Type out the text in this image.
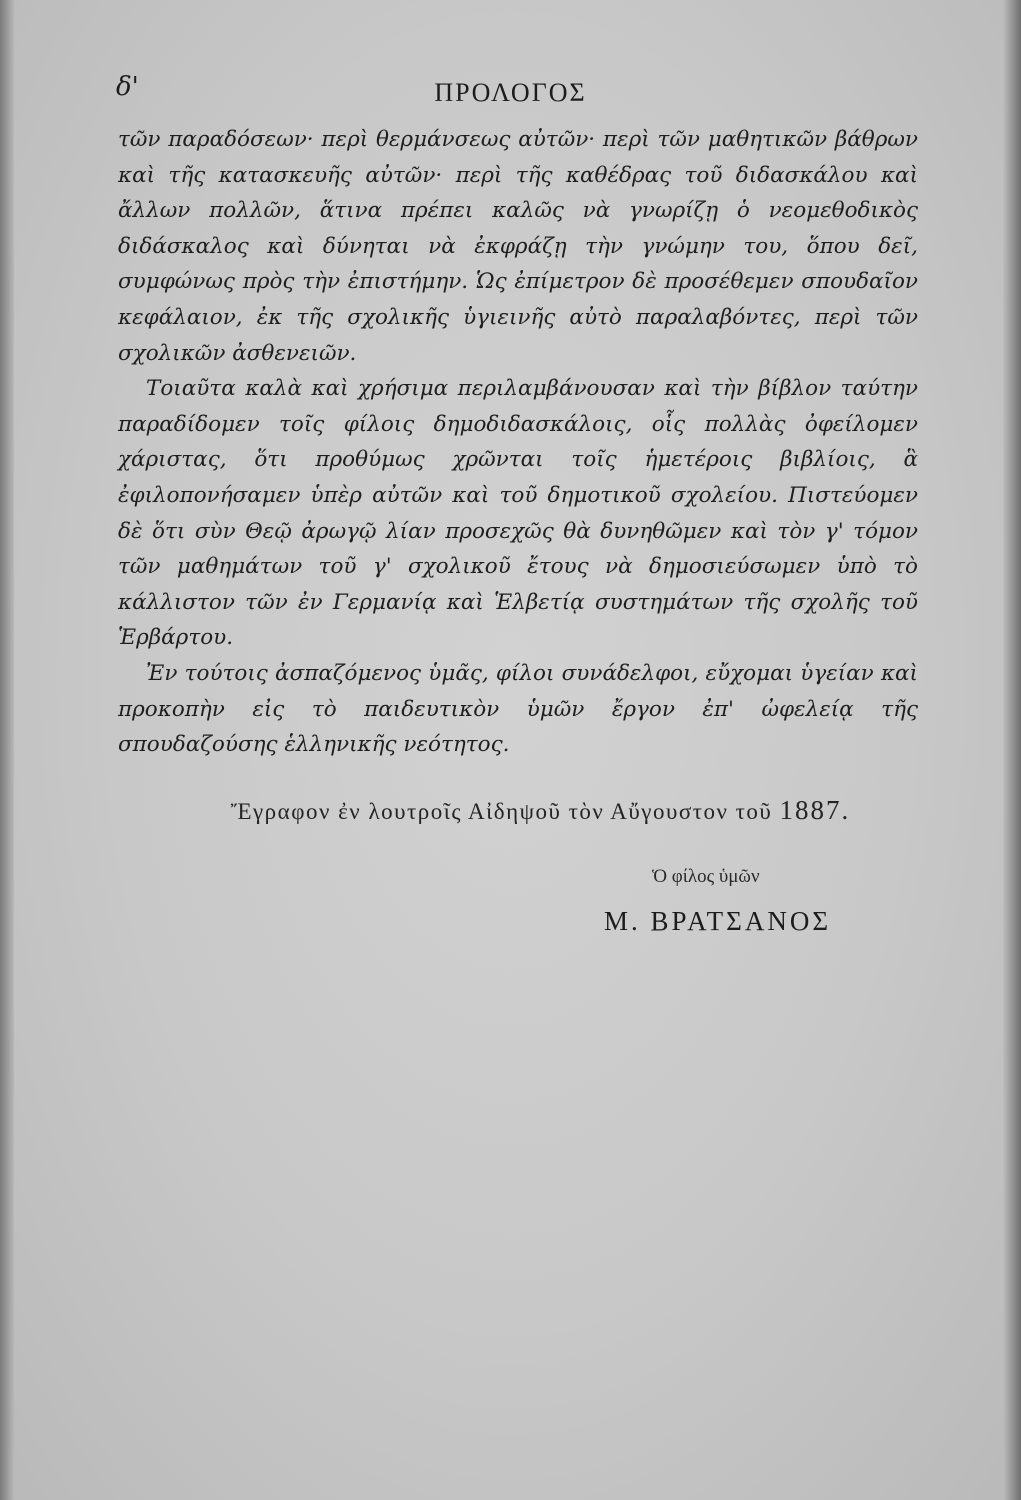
δ'	ΠΡΟΛΟΓΟΣ

τῶν παραδόσεων· περὶ θερμάνσεως αὐτῶν· περὶ τῶν μαθητικῶν βάθρων καὶ τῆς κατασκευῆς αὐτῶν· περὶ τῆς καθέδρας τοῦ διδασκάλου καὶ ἄλλων πολλῶν, ἅτινα πρέπει καλῶς νὰ γνωρίζῃ ὁ νεομεθοδικὸς διδάσκαλος καὶ δύνηται νὰ ἐκφράζῃ τὴν γνώμην του, ὅπου δεῖ, συμφώνως πρὸς τὴν ἐπιστήμην. Ὡς ἐπίμετρον δὲ προσέθεμεν σπουδαῖον κεφάλαιον, ἐκ τῆς σχολικῆς ὑγιεινῆς αὐτὸ παραλαβόντες, περὶ τῶν σχολικῶν ἀσθενειῶν.

Τοιαῦτα καλὰ καὶ χρήσιμα περιλαμβάνουσαν καὶ τὴν βίβλον ταύτην παραδίδομεν τοῖς φίλοις δημοδιδασκάλοις, οἷς πολλὰς ὀφείλομεν χάριστας, ὅτι προθύμως χρῶνται τοῖς ἡμετέροις βιβλίοις, ἃ ἐφιλοπονήσαμεν ὑπὲρ αὐτῶν καὶ τοῦ δημοτικοῦ σχολείου. Πιστεύομεν δὲ ὅτι σὺν Θεῷ ἀρωγῷ λίαν προσεχῶς θὰ δυνηθῶμεν καὶ τὸν γ' τόμον τῶν μαθημάτων τοῦ γ' σχολικοῦ ἔτους νὰ δημοσιεύσωμεν ὑπὸ τὸ κάλλιστον τῶν ἐν Γερμανίᾳ καὶ Ἑλβετίᾳ συστημάτων τῆς σχολῆς τοῦ Ἑρβάρτου.

Ἐν τούτοις ἀσπαζόμενος ὑμᾶς, φίλοι συνάδελφοι, εὔχομαι ὑγείαν καὶ προκοπὴν εἰς τὸ παιδευτικὸν ὑμῶν ἔργον ἐπ' ὠφελείᾳ τῆς σπουδαζούσης ἑλληνικῆς νεότητος.

Ἔγραφον ἐν λουτροῖς Αἰδηψοῦ τὸν Αὔγουστον τοῦ 1887.
Ὁ φίλος ὑμῶν
Μ. ΒΡΑΤΣΑΝΟΣ
